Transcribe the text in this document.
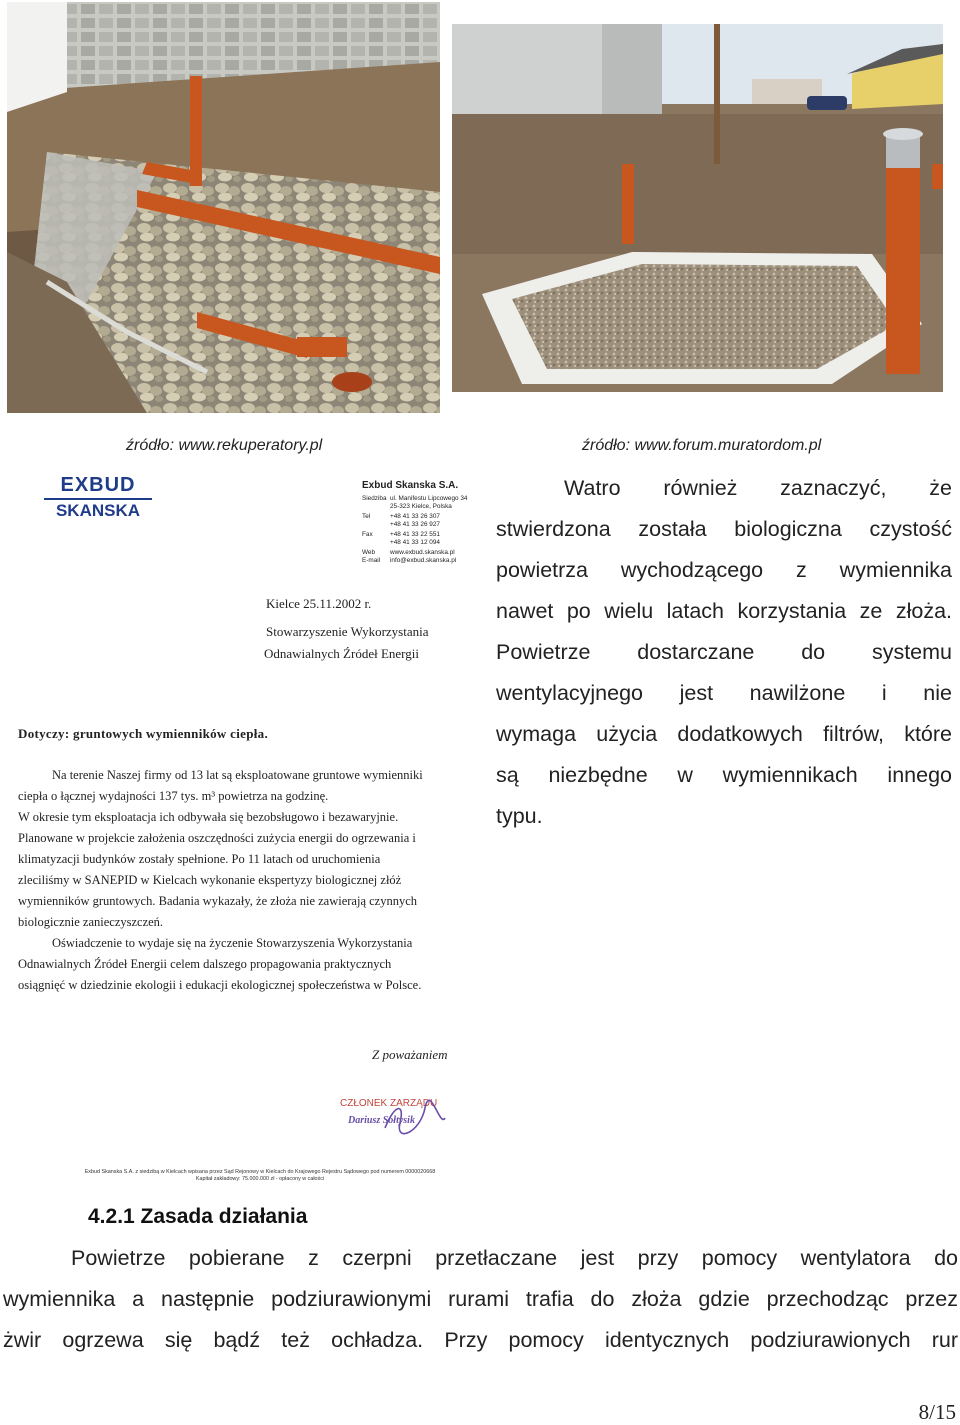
źródło: www.rekuperatory.pl	źródło: www.forum.muratordom.pl
EXBUD
SKANSKA
Exbud Skanska S.A.
Siedziba ul. Manifestu Lipcowego 34
25-323 Kielce, Polska
Tel	+48 41 33 26 307
+48 41 33 26 927
Fax	+48 41 33 22 551
+48 41 33 12 094
Web www.exbud.skanska.pl
E-mail info@exbud.skanska.pl
Kielce 25.11.2002 r.
Stowarzyszenie Wykorzystania
Odnawialnych Źródeł Energii
Dotyczy: gruntowych wymienników ciepła.
Na terenie Naszej firmy od 13 lat są eksploatowane gruntowe wymienniki
ciepła o łącznej wydajności 137 tys. m³ powietrza na godzinę.
W okresie tym eksploatacja ich odbywała się bezobsługowo i bezawaryjnie.
Planowane w projekcie założenia oszczędności zużycia energii do ogrzewania i
klimatyzacji budynków zostały spełnione. Po 11 latach od uruchomienia
zleciliśmy w SANEPID w Kielcach wykonanie ekspertyzy biologicznej złóż
wymienników gruntowych. Badania wykazały, że złoża nie zawierają czynnych
biologicznie zanieczyszczeń.
Oświadczenie to wydaje się na życzenie Stowarzyszenia Wykorzystania
Odnawialnych Źródeł Energii celem dalszego propagowania praktycznych
osiągnięć w dziedzinie ekologii i edukacji ekologicznej społeczeństwa w Polsce.
Z poważaniem
CZŁONEK ZARZĄDU
Dariusz Sołtysik
Exbud Skanska S.A. z siedzibą w Kielcach wpisana przez Sąd Rejonowy w Kielcach do Krajowego Rejestru Sądowego pod numerem 0000020668
Kapitał zakładowy: 75.000.000 zł - opłacony w całości
Watro również zaznaczyć, że
stwierdzona została biologiczna czystość
powietrza wychodzącego z wymiennika
nawet po wielu latach korzystania ze złoża.
Powietrze dostarczane do systemu
wentylacyjnego jest nawilżone i nie
wymaga użycia dodatkowych filtrów, które
są niezbędne w wymiennikach innego
typu.
4.2.1 Zasada działania
Powietrze pobierane z czerpni przetłaczane jest przy pomocy wentylatora do
wymiennika a następnie podziurawionymi rurami trafia do złoża gdzie przechodząc przez
żwir ogrzewa się bądź też ochładza. Przy pomocy identycznych podziurawionych rur
8/15
